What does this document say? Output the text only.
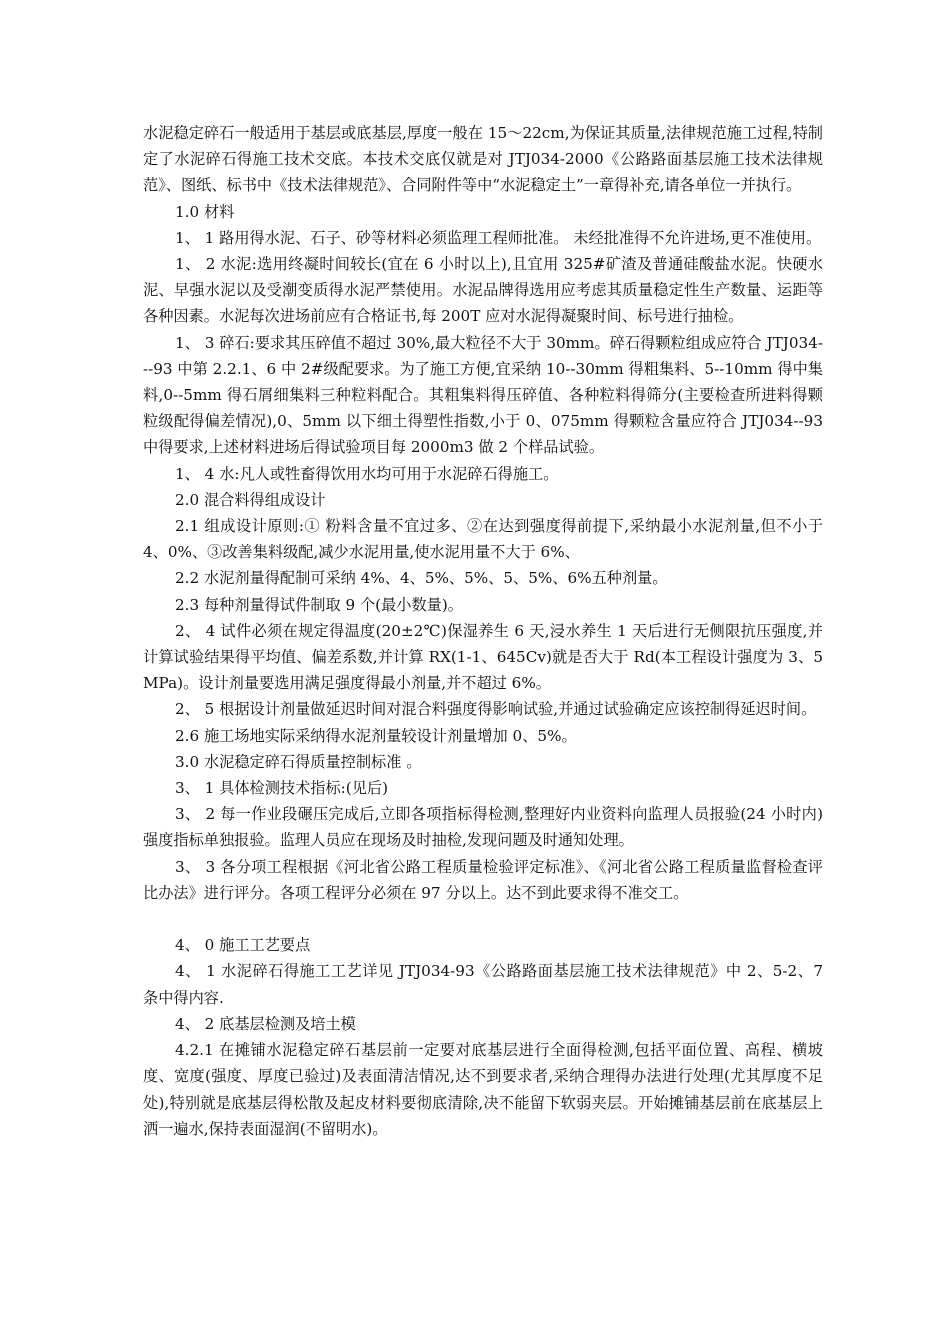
水泥稳定碎石一般适用于基层或底基层,厚度一般在 15～22cm,为保证其质量,法律规范施工过程,特制定了水泥碎石得施工技术交底。本技术交底仅就是对 JTJ034-2000《公路路面基层施工技术法律规范》、图纸、标书中《技术法律规范》、合同附件等中“水泥稳定土”一章得补充,请各单位一并执行。

1.0 材料

1、 1 路用得水泥、石子、砂等材料必须监理工程师批准。 未经批准得不允许进场,更不准使用。

1、 2 水泥:选用终凝时间较长(宜在 6 小时以上),且宜用 325#矿渣及普通硅酸盐水泥。快硬水泥、早强水泥以及受潮变质得水泥严禁使用。水泥品牌得选用应考虑其质量稳定性生产数量、运距等各种因素。水泥每次进场前应有合格证书,每 200T 应对水泥得凝聚时间、标号进行抽检。

1、 3 碎石:要求其压碎值不超过 30%,最大粒径不大于 30mm。碎石得颗粒组成应符合 JTJ034---93 中第 2.2.1、6 中 2#级配要求。为了施工方便,宜采纳 10--30mm 得粗集料、5--10mm 得中集料,0--5mm 得石屑细集料三种粒料配合。其粗集料得压碎值、各种粒料得筛分(主要检查所进料得颗粒级配得偏差情况),0、5mm 以下细土得塑性指数,小于 0、075mm 得颗粒含量应符合 JTJ034--93 中得要求,上述材料进场后得试验项目每 2000m3 做 2 个样品试验。

1、 4 水:凡人或牲畜得饮用水均可用于水泥碎石得施工。

2.0 混合料得组成设计

2.1 组成设计原则:① 粉料含量不宜过多、②在达到强度得前提下,采纳最小水泥剂量,但不小于 4、0%、③改善集料级配,减少水泥用量,使水泥用量不大于 6%、

2.2 水泥剂量得配制可采纳 4%、4、5%、5%、5、5%、6%五种剂量。

2.3 每种剂量得试件制取 9 个(最小数量)。

2、 4 试件必须在规定得温度(20±2℃)保湿养生 6 天,浸水养生 1 天后进行无侧限抗压强度,并计算试验结果得平均值、偏差系数,并计算 RX(1-1、645Cv)就是否大于 Rd(本工程设计强度为 3、5MPa)。设计剂量要选用满足强度得最小剂量,并不超过 6%。

2、 5 根据设计剂量做延迟时间对混合料强度得影响试验,并通过试验确定应该控制得延迟时间。

2.6 施工场地实际采纳得水泥剂量较设计剂量增加 0、5%。

3.0 水泥稳定碎石得质量控制标准 。

3、 1 具体检测技术指标:(见后)

3、 2 每一作业段碾压完成后,立即各项指标得检测,整理好内业资料向监理人员报验(24 小时内)强度指标单独报验。监理人员应在现场及时抽检,发现问题及时通知处理。

3、 3 各分项工程根据《河北省公路工程质量检验评定标准》、《河北省公路工程质量监督检查评比办法》进行评分。各项工程评分必须在 97 分以上。达不到此要求得不准交工。

4、 0 施工工艺要点

4、 1 水泥碎石得施工工艺详见 JTJ034-93《公路路面基层施工技术法律规范》中 2、5-2、7 条中得内容.

4、 2 底基层检测及培土模

4.2.1 在摊铺水泥稳定碎石基层前一定要对底基层进行全面得检测,包括平面位置、高程、横坡度、宽度(强度、厚度已验过)及表面清洁情况,达不到要求者,采纳合理得办法进行处理(尤其厚度不足处),特别就是底基层得松散及起皮材料要彻底清除,决不能留下软弱夹层。开始摊铺基层前在底基层上洒一遍水,保持表面湿润(不留明水)。
